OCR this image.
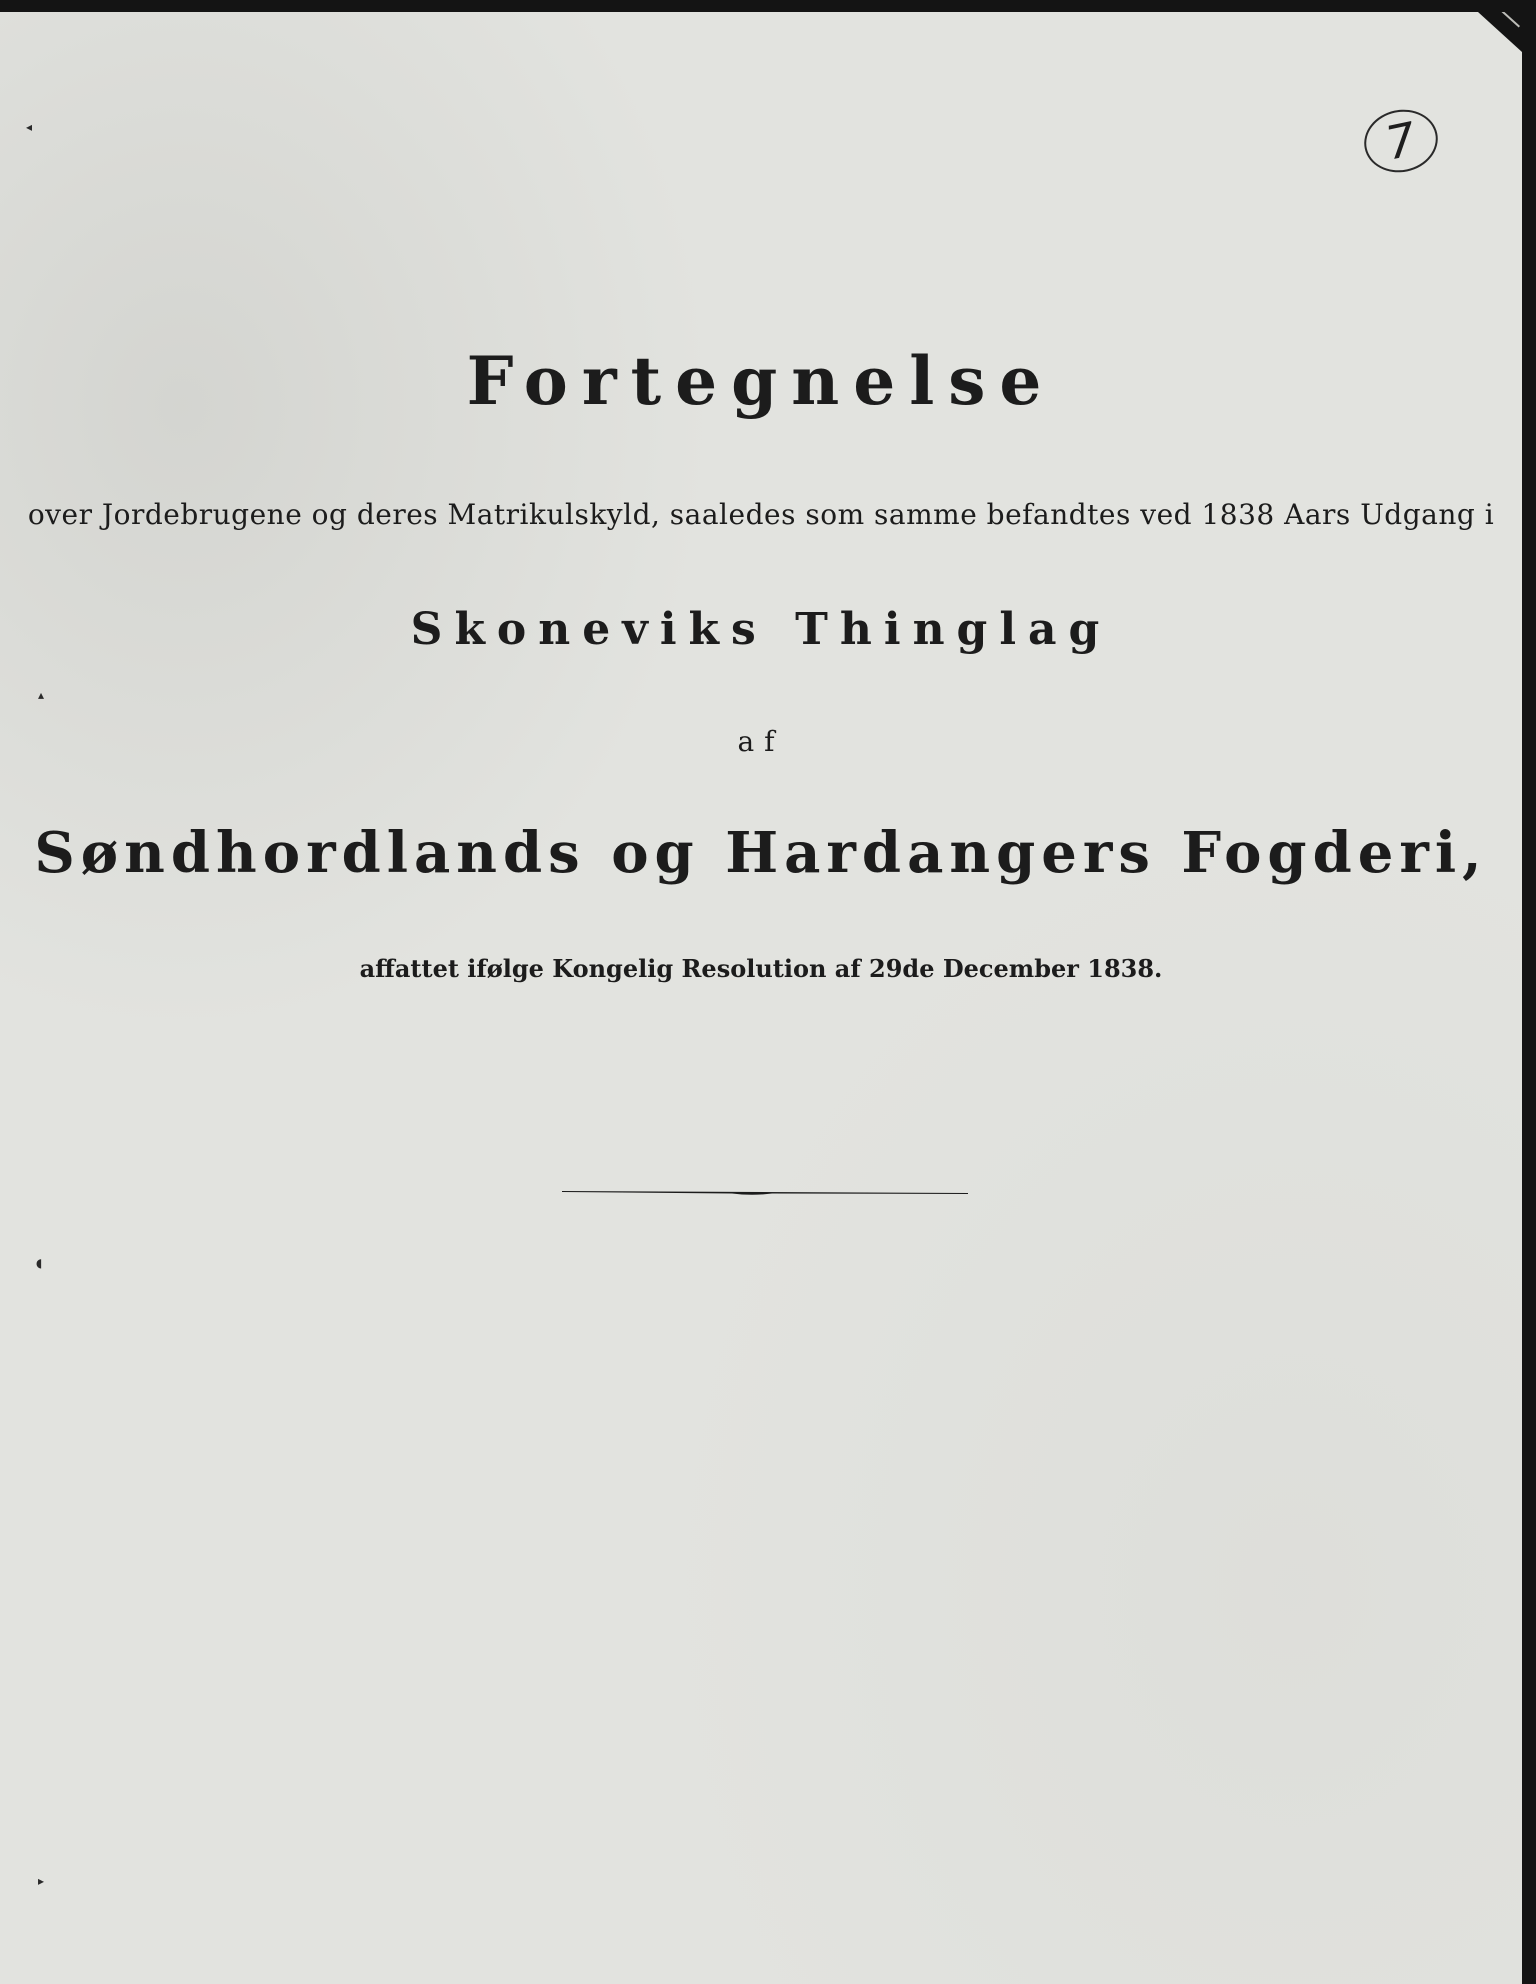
7
Fortegnelse
over Jordebrugene og deres Matrikulskyld, saaledes som samme befandtes ved 1838 Aars Udgang i
Skoneviks Thinglag
af
Søndhordlands og Hardangers Fogderi,
affattet ifølge Kongelig Resolution af 29de December 1838.
◂
▴
◖
▸
